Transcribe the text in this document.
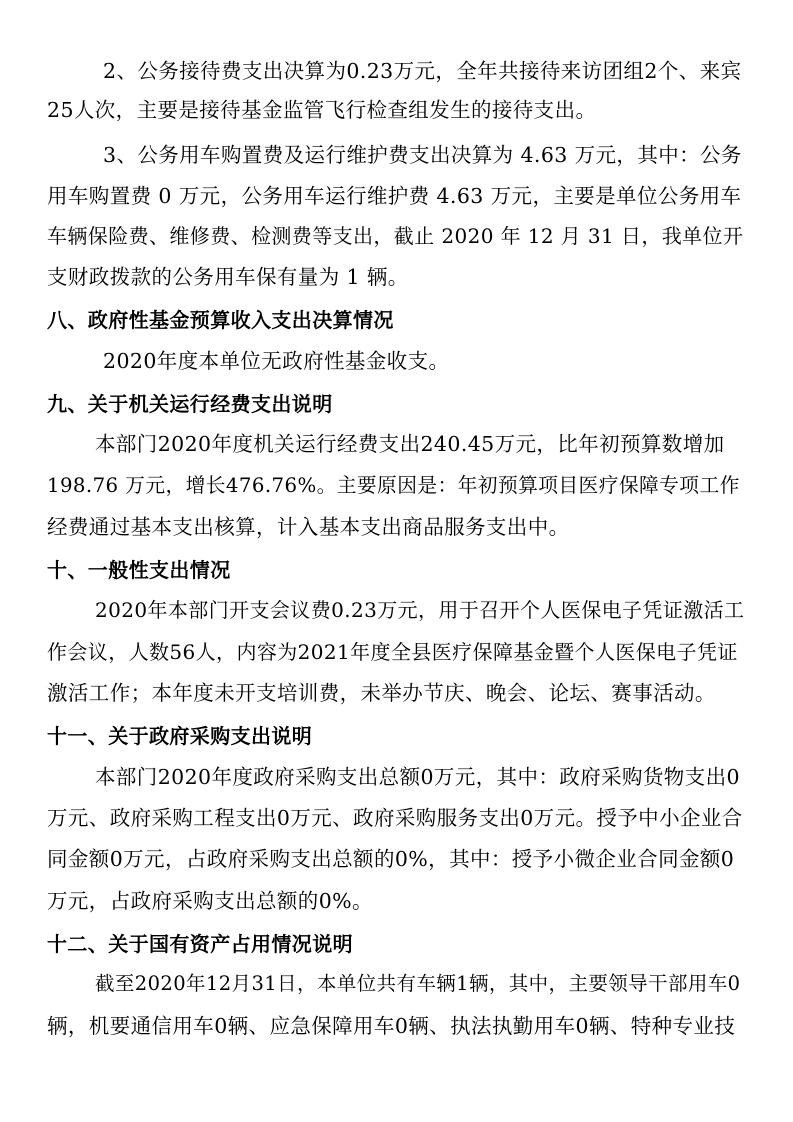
2、公务接待费支出决算为0.23万元，全年共接待来访团组2个、来宾
25人次，主要是接待基金监管飞行检查组发生的接待支出。
3、公务用车购置费及运行维护费支出决算为 4.63 万元，其中：公务
用车购置费 0 万元，公务用车运行维护费 4.63 万元，主要是单位公务用车
车辆保险费、维修费、检测费等支出，截止 2020 年 12 月 31 日，我单位开
支财政拨款的公务用车保有量为 1 辆。
八、政府性基金预算收入支出决算情况
2020年度本单位无政府性基金收支。
九、关于机关运行经费支出说明
本部门2020年度机关运行经费支出240.45万元，比年初预算数增加
198.76 万元，增长476.76%。主要原因是：年初预算项目医疗保障专项工作
经费通过基本支出核算，计入基本支出商品服务支出中。
十、一般性支出情况
2020年本部门开支会议费0.23万元，用于召开个人医保电子凭证激活工
作会议，人数56人，内容为2021年度全县医疗保障基金暨个人医保电子凭证
激活工作；本年度未开支培训费，未举办节庆、晚会、论坛、赛事活动。
十一、关于政府采购支出说明
本部门2020年度政府采购支出总额0万元，其中：政府采购货物支出0
万元、政府采购工程支出0万元、政府采购服务支出0万元。授予中小企业合
同金额0万元，占政府采购支出总额的0%，其中：授予小微企业合同金额0
万元，占政府采购支出总额的0%。
十二、关于国有资产占用情况说明
截至2020年12月31日，本单位共有车辆1辆，其中，主要领导干部用车0
辆，机要通信用车0辆、应急保障用车0辆、执法执勤用车0辆、特种专业技
